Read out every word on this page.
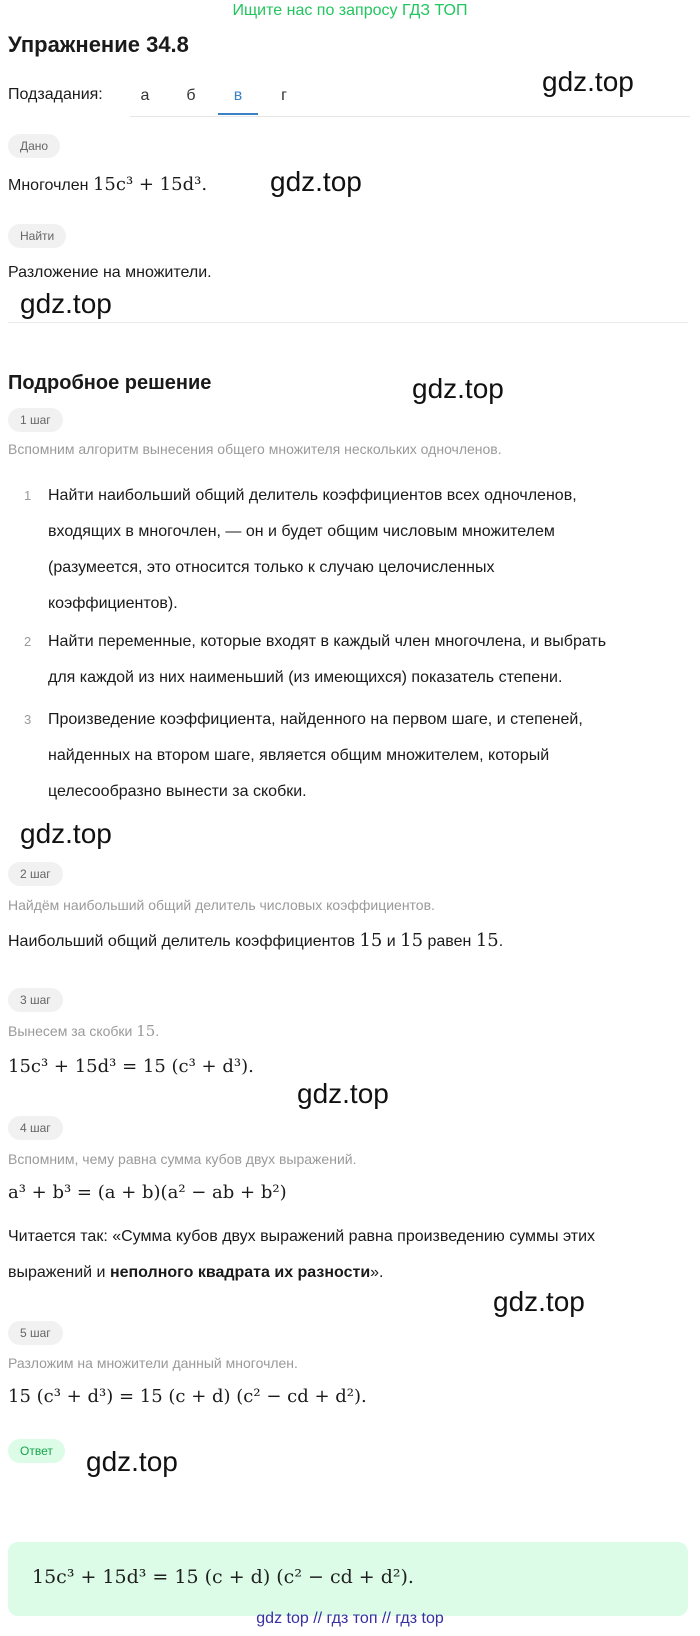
Ищите нас по запросу ГДЗ ТОП
Упражнение 34.8
Подзадания:	а	б	в	г	gdz.top
Дано
Многочлен 15c³ + 15d³. gdz.top
Найти
Разложение на множители.
gdz.top
Подробное решение	gdz.top
1 шаг
Вспомним алгоритм вынесения общего множителя нескольких одночленов.
1 Найти наибольший общий делитель коэффициентов всех одночленов,
входящих в многочлен, — он и будет общим числовым множителем
(разумеется, это относится только к случаю целочисленных
коэффициентов).
2 Найти переменные, которые входят в каждый член многочлена, и выбрать
для каждой из них наименьший (из имеющихся) показатель степени.
3 Произведение коэффициента, найденного на первом шаге, и степеней,
найденных на втором шаге, является общим множителем, который
целесообразно вынести за скобки.
gdz.top
2 шаг
Найдём наибольший общий делитель числовых коэффициентов.
Наибольший общий делитель коэффициентов 15 и 15 равен 15.
3 шаг
Вынесем за скобки 15.
15c³ + 15d³ = 15 (c³ + d³).
gdz.top
4 шаг
Вспомним, чему равна сумма кубов двух выражений.
a³ + b³ = (a + b)(a² − ab + b²)
Читается так: «Сумма кубов двух выражений равна произведению суммы этих
выражений и неполного квадрата их разности».
gdz.top
5 шаг
Разложим на множители данный многочлен.
15 (c³ + d³) = 15 (c + d) (c² − cd + d²).
Ответ	gdz.top
15c³ + 15d³ = 15 (c + d) (c² − cd + d²).
gdz top // гдз топ // гдз top
